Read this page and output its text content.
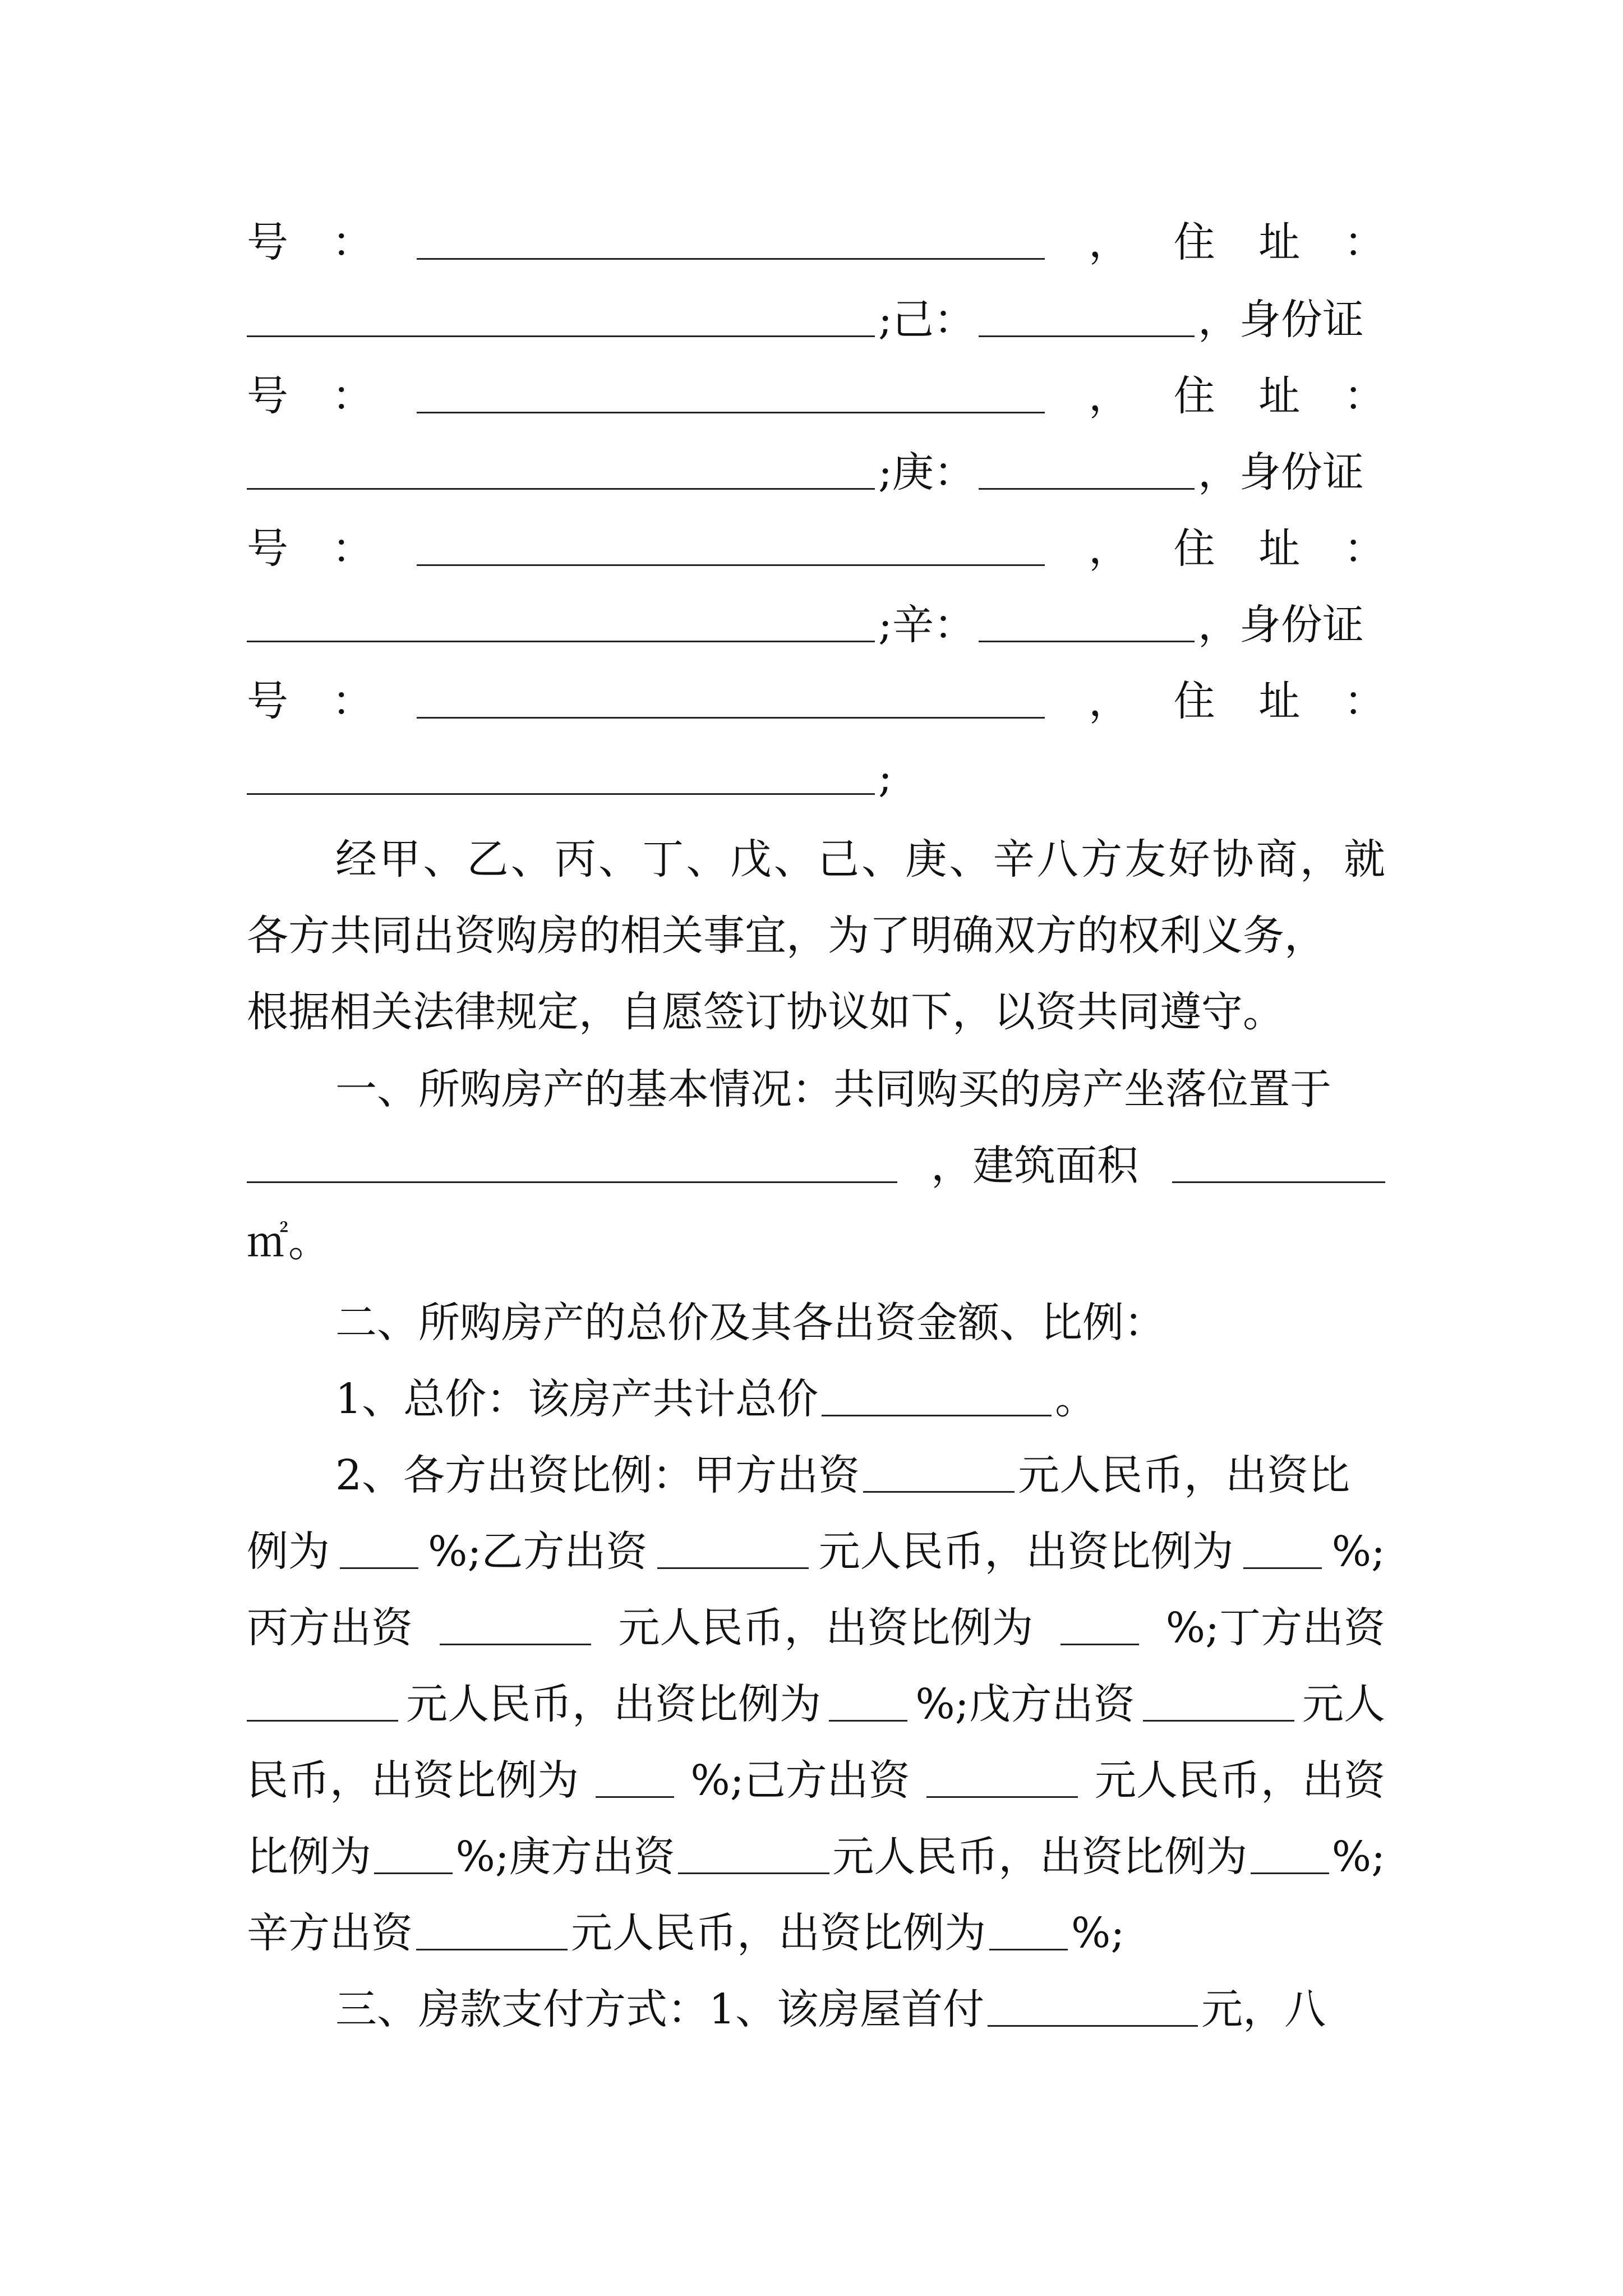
号 ：	， 住 址 ：
;己：	，身份证
号 ：	， 住 址 ：
;庚：	，身份证
号 ：	， 住 址 ：
;辛：	，身份证
号 ：	， 住 址 ：
;
经甲、乙、丙、丁、戊、己、庚、辛八方友好协商，就
各方共同出资购房的相关事宜，为了明确双方的权利义务，
根据相关法律规定，自愿签订协议如下，以资共同遵守。
一、所购房产的基本情况：共同购买的房产坐落位置于
，建筑面积
㎡。
二、所购房产的总价及其各出资金额、比例：
1、总价：该房产共计总价	。
2、各方出资比例：甲方出资	元人民币，出资比
例为 %;乙方出资	元人民币，出资比例为 %;
丙方出资	元人民币，出资比例为	%;丁方出资
元人民币，出资比例为 %;戊方出资	元人
民币，出资比例为	%;己方出资	元人民币，出资
比例为 %;庚方出资	元人民币，出资比例为 %;
辛方出资	元人民币，出资比例为 %;
三、房款支付方式：1、该房屋首付	元，八
